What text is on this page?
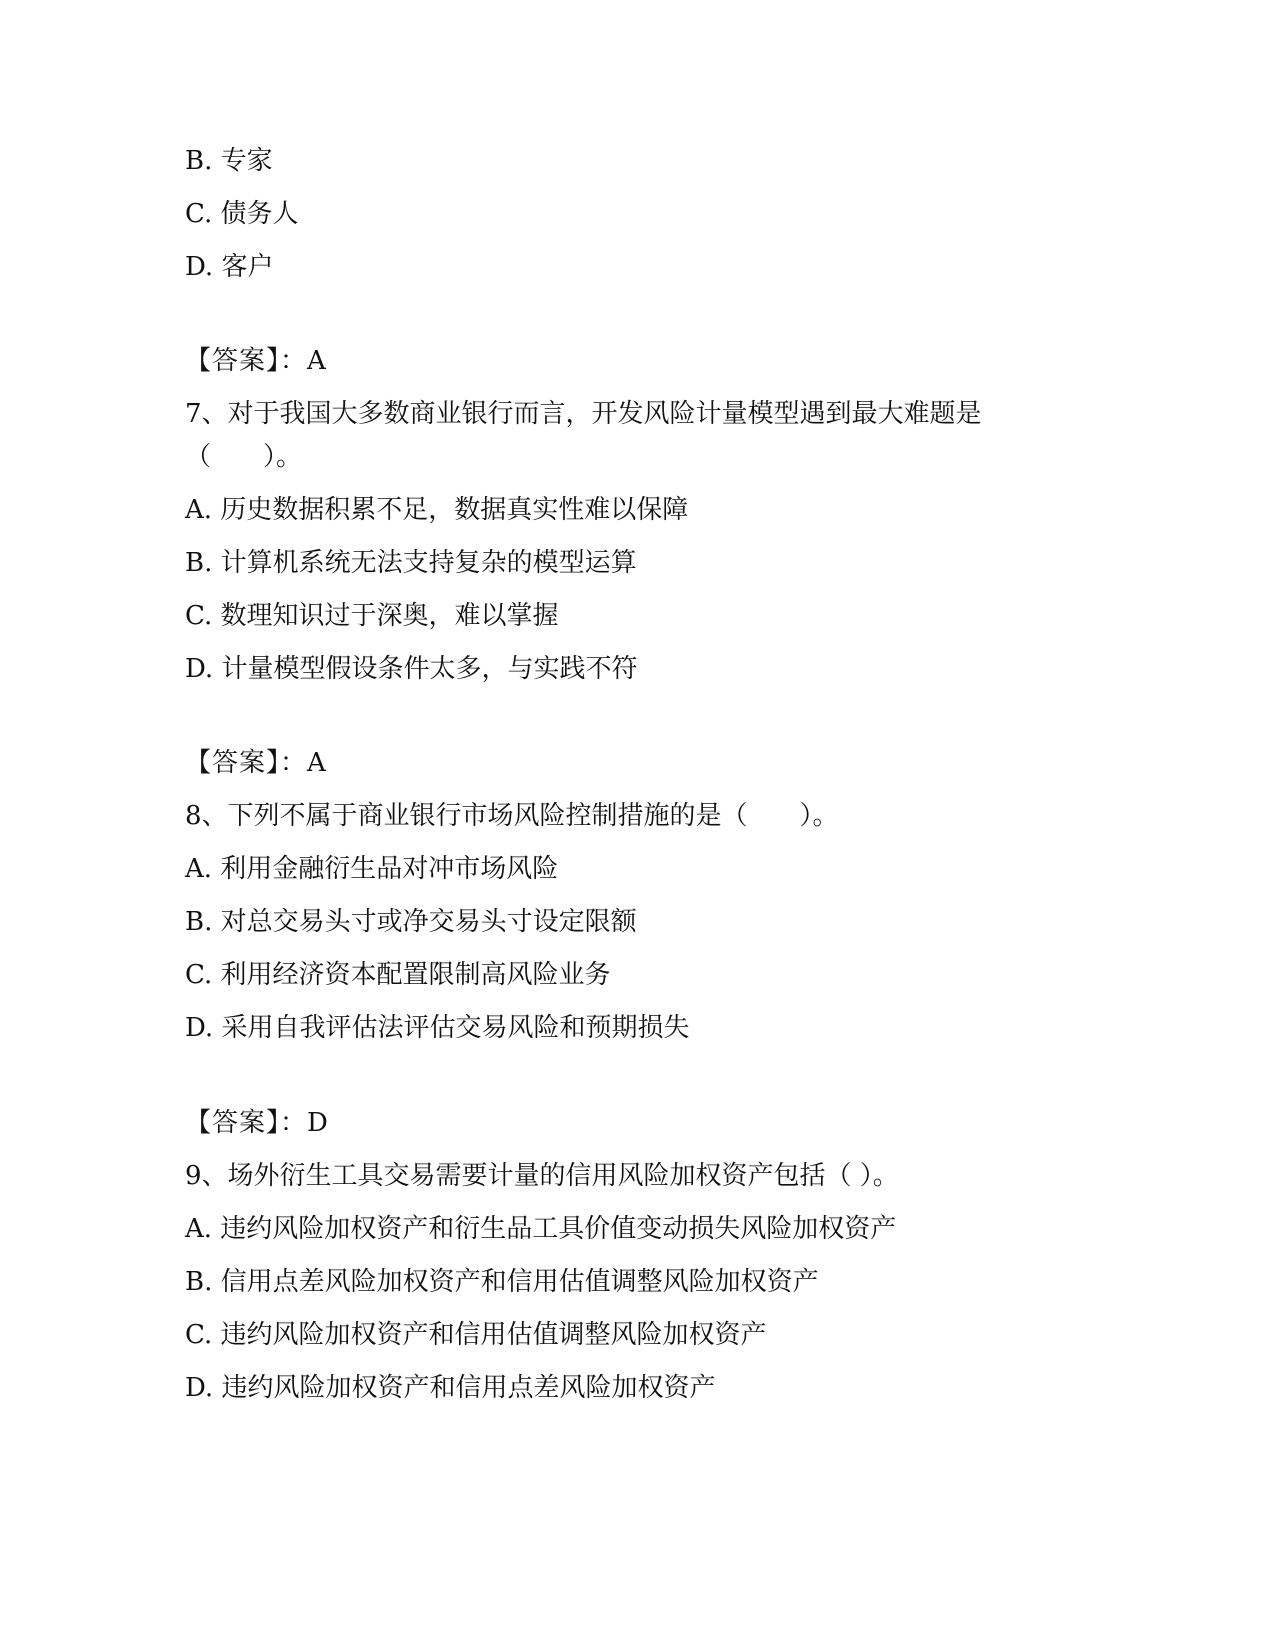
B. 专家
C. 债务人
D. 客户
【答案】：A
7、对于我国大多数商业银行而言，开发风险计量模型遇到最大难题是
（　　）。
A. 历史数据积累不足，数据真实性难以保障
B. 计算机系统无法支持复杂的模型运算
C. 数理知识过于深奥，难以掌握
D. 计量模型假设条件太多，与实践不符
【答案】：A
8、下列不属于商业银行市场风险控制措施的是（　　）。
A. 利用金融衍生品对冲市场风险
B. 对总交易头寸或净交易头寸设定限额
C. 利用经济资本配置限制高风险业务
D. 采用自我评估法评估交易风险和预期损失
【答案】：D
9、场外衍生工具交易需要计量的信用风险加权资产包括（ ）。
A. 违约风险加权资产和衍生品工具价值变动损失风险加权资产
B. 信用点差风险加权资产和信用估值调整风险加权资产
C. 违约风险加权资产和信用估值调整风险加权资产
D. 违约风险加权资产和信用点差风险加权资产
